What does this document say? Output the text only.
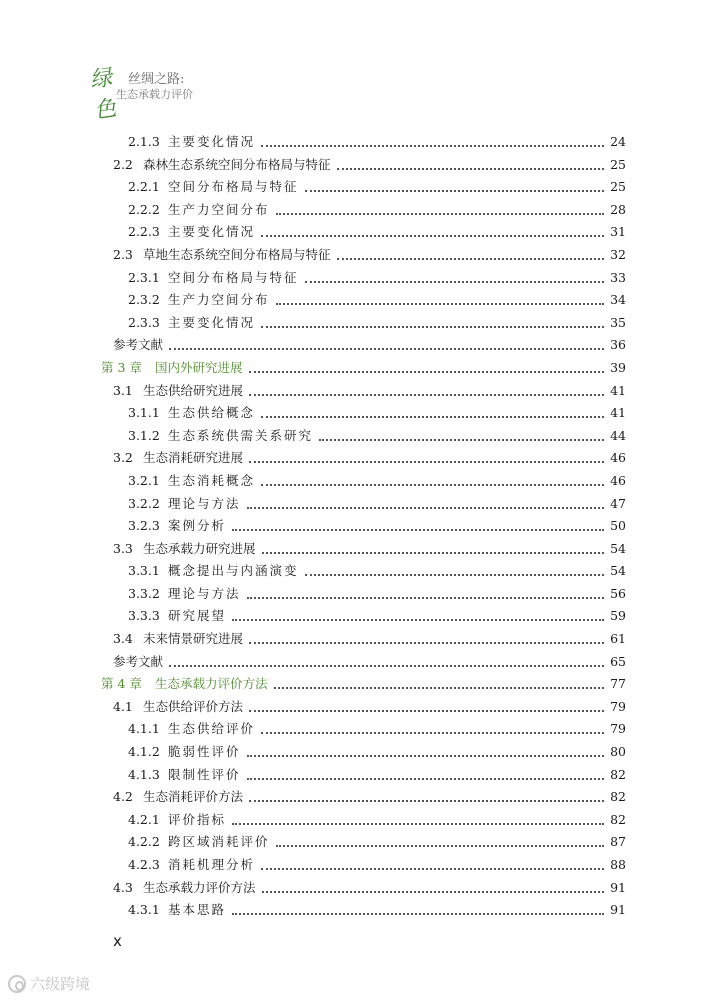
绿色
丝绸之路:
生态承载力评价
2.1.3 主要变化情况	24
2.2 森林生态系统空间分布格局与特征	25
2.2.1 空间分布格局与特征	25
2.2.2 生产力空间分布	28
2.2.3 主要变化情况	31
2.3 草地生态系统空间分布格局与特征	32
2.3.1 空间分布格局与特征	33
2.3.2 生产力空间分布	34
2.3.3 主要变化情况	35
参考文献	36
第 3 章 国内外研究进展	39
3.1 生态供给研究进展	41
3.1.1 生态供给概念	41
3.1.2 生态系统供需关系研究	44
3.2 生态消耗研究进展	46
3.2.1 生态消耗概念	46
3.2.2 理论与方法	47
3.2.3 案例分析	50
3.3 生态承载力研究进展	54
3.3.1 概念提出与内涵演变	54
3.3.2 理论与方法	56
3.3.3 研究展望	59
3.4 未来情景研究进展	61
参考文献	65
第 4 章 生态承载力评价方法	77
4.1 生态供给评价方法	79
4.1.1 生态供给评价	79
4.1.2 脆弱性评价	80
4.1.3 限制性评价	82
4.2 生态消耗评价方法	82
4.2.1 评价指标	82
4.2.2 跨区域消耗评价	87
4.2.3 消耗机理分析	88
4.3 生态承载力评价方法	91
4.3.1 基本思路	91
x
六级跨境
